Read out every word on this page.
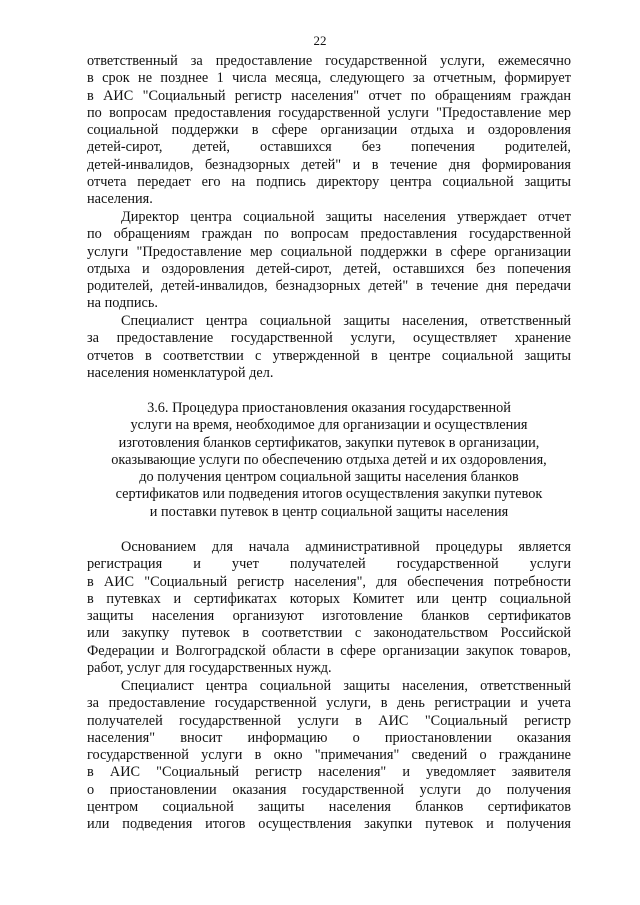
22
ответственный за предоставление государственной услуги, ежемесячно
в срок не позднее 1 числа месяца, следующего за отчетным, формирует
в АИС "Социальный регистр населения" отчет по обращениям граждан
по вопросам предоставления государственной услуги "Предоставление мер
социальной поддержки в сфере организации отдыха и оздоровления
детей-сирот, детей, оставшихся без попечения родителей,
детей-инвалидов, безнадзорных детей" и в течение дня формирования
отчета передает его на подпись директору центра социальной защиты
населения.
Директор центра социальной защиты населения утверждает отчет
по обращениям граждан по вопросам предоставления государственной
услуги "Предоставление мер социальной поддержки в сфере организации
отдыха и оздоровления детей-сирот, детей, оставшихся без попечения
родителей, детей-инвалидов, безнадзорных детей" в течение дня передачи
на подпись.
Специалист центра социальной защиты населения, ответственный
за предоставление государственной услуги, осуществляет хранение
отчетов в соответствии с утвержденной в центре социальной защиты
населения номенклатурой дел.
3.6. Процедура приостановления оказания государственной
услуги на время, необходимое для организации и осуществления
изготовления бланков сертификатов, закупки путевок в организации,
оказывающие услуги по обеспечению отдыха детей и их оздоровления,
до получения центром социальной защиты населения бланков
сертификатов или подведения итогов осуществления закупки путевок
и поставки путевок в центр социальной защиты населения
Основанием для начала административной процедуры является
регистрация и учет получателей государственной услуги
в АИС "Социальный регистр населения", для обеспечения потребности
в путевках и сертификатах которых Комитет или центр социальной
защиты населения организуют изготовление бланков сертификатов
или закупку путевок в соответствии с законодательством Российской
Федерации и Волгоградской области в сфере организации закупок товаров,
работ, услуг для государственных нужд.
Специалист центра социальной защиты населения, ответственный
за предоставление государственной услуги, в день регистрации и учета
получателей государственной услуги в АИС "Социальный регистр
населения" вносит информацию о приостановлении оказания
государственной услуги в окно "примечания" сведений о гражданине
в АИС "Социальный регистр населения" и уведомляет заявителя
о приостановлении оказания государственной услуги до получения
центром социальной защиты населения бланков сертификатов
или подведения итогов осуществления закупки путевок и получения
